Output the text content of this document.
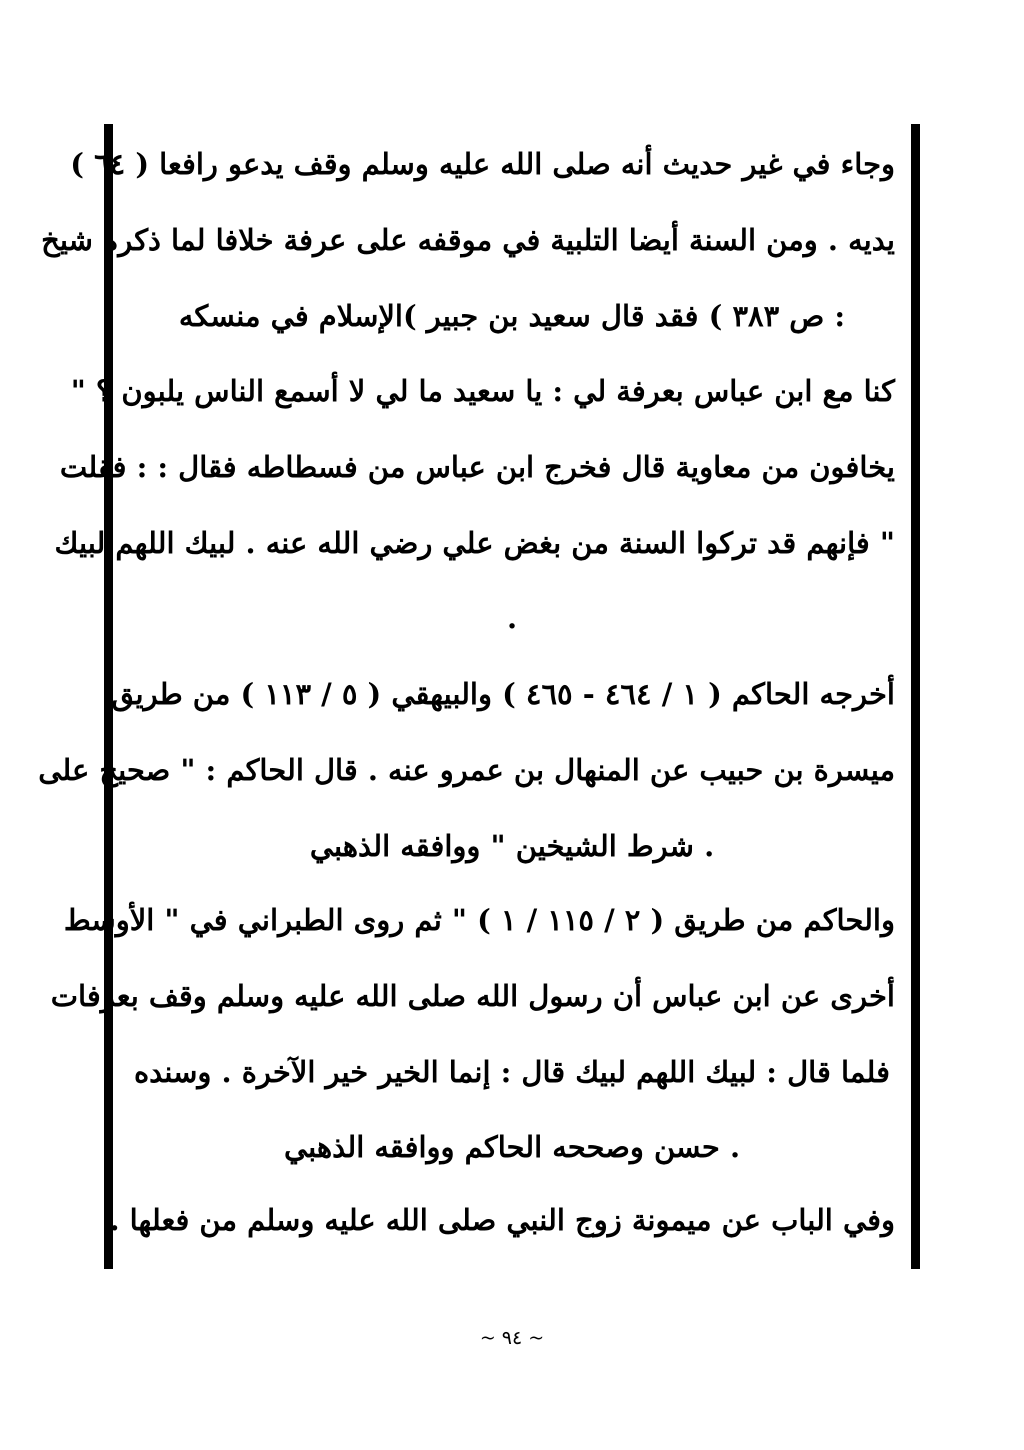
وجاء في غير حديث أنه صلى الله عليه وسلم وقف يدعو رافعا ( ٦٤ )
يديه . ومن السنة أيضا التلبية في موقفه على عرفة خلافا لما ذكره شيخ
: ص ٣٨٣ ) فقد قال سعيد بن جبير )الإسلام في منسكه
كنا مع ابن عباس بعرفة لي : يا سعيد ما لي لا أسمع الناس يلبون ؟ "
يخافون من معاوية قال فخرج ابن عباس من فسطاطه فقال : : فقلت
" فإنهم قد تركوا السنة من بغض علي رضي الله عنه . لبيك اللهم لبيك
.
أخرجه الحاكم ( ١ / ٤٦٤ - ٤٦٥ ) والبيهقي ( ٥ / ١١٣ ) من طريق
ميسرة بن حبيب عن المنهال بن عمرو عنه . قال الحاكم : " صحيح على
. شرط الشيخين " ووافقه الذهبي
والحاكم من طريق ( ٢ / ١١٥ / ١ ) " ثم روى الطبراني في " الأوسط
أخرى عن ابن عباس أن رسول الله صلى الله عليه وسلم وقف بعرفات
فلما قال : لبيك اللهم لبيك قال : إنما الخير خير الآخرة . وسنده
. حسن وصححه الحاكم ووافقه الذهبي
وفي الباب عن ميمونة زوج النبي صلى الله عليه وسلم من فعلها .
~ ٩٤ ~
